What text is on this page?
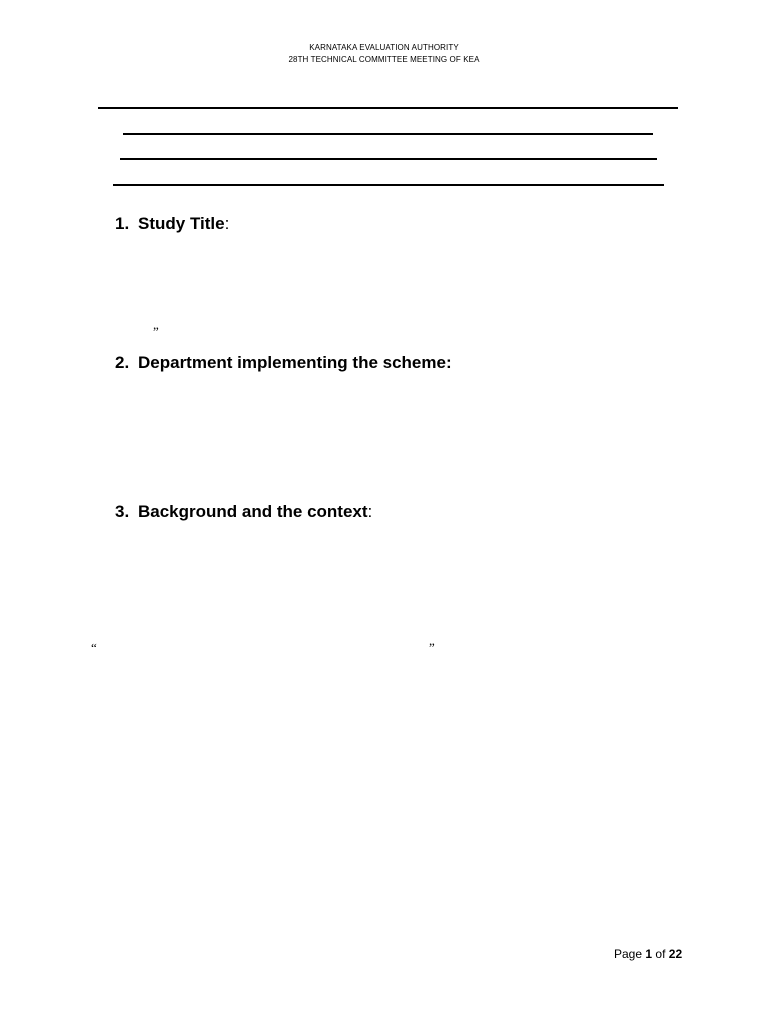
KARNATAKA EVALUATION AUTHORITY
28TH TECHNICAL COMMITTEE MEETING OF KEA
1. Study Title:
”
2. Department implementing the scheme:
3. Background and the context:
“	”
Page 1 of 22
